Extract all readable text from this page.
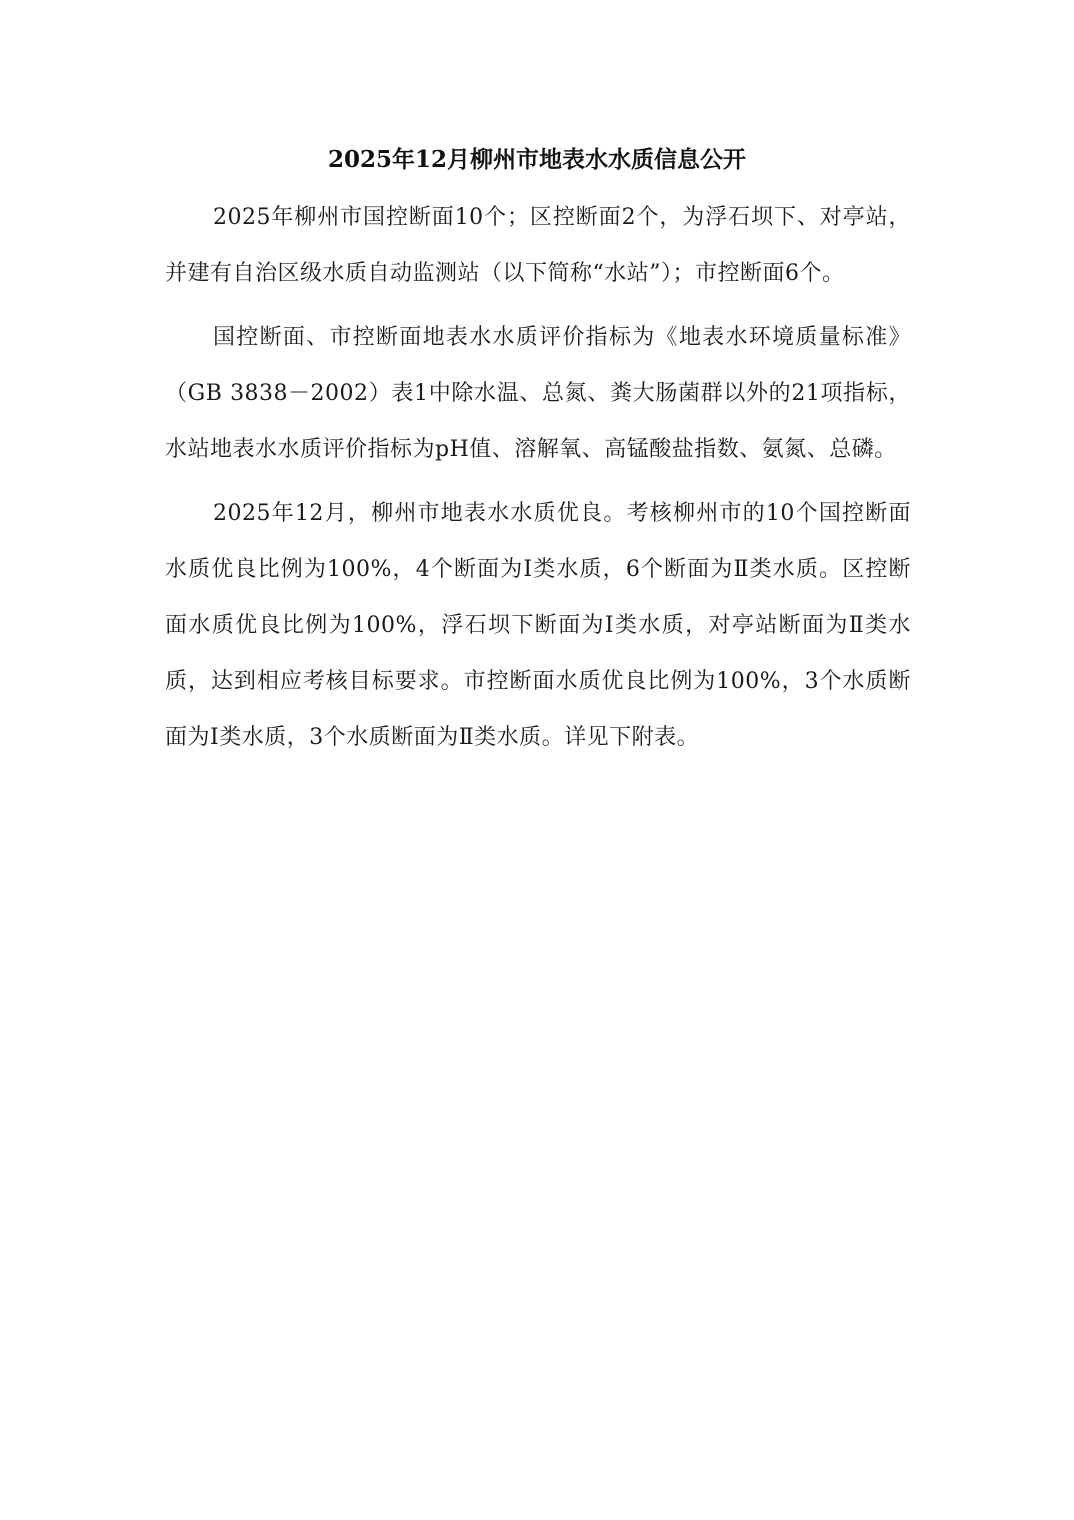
2025年12月柳州市地表水水质信息公开

2025年柳州市国控断面10个；区控断面2个，为浮石坝下、对亭站，并建有自治区级水质自动监测站（以下简称“水站”）；市控断面6个。

国控断面、市控断面地表水水质评价指标为《地表水环境质量标准》（GB 3838－2002）表1中除水温、总氮、粪大肠菌群以外的21项指标，水站地表水水质评价指标为pH值、溶解氧、高锰酸盐指数、氨氮、总磷。

2025年12月，柳州市地表水水质优良。考核柳州市的10个国控断面水质优良比例为100%，4个断面为Ⅰ类水质，6个断面为Ⅱ类水质。区控断面水质优良比例为100%，浮石坝下断面为Ⅰ类水质，对亭站断面为Ⅱ类水质，达到相应考核目标要求。市控断面水质优良比例为100%，3个水质断面为Ⅰ类水质，3个水质断面为Ⅱ类水质。详见下附表。
